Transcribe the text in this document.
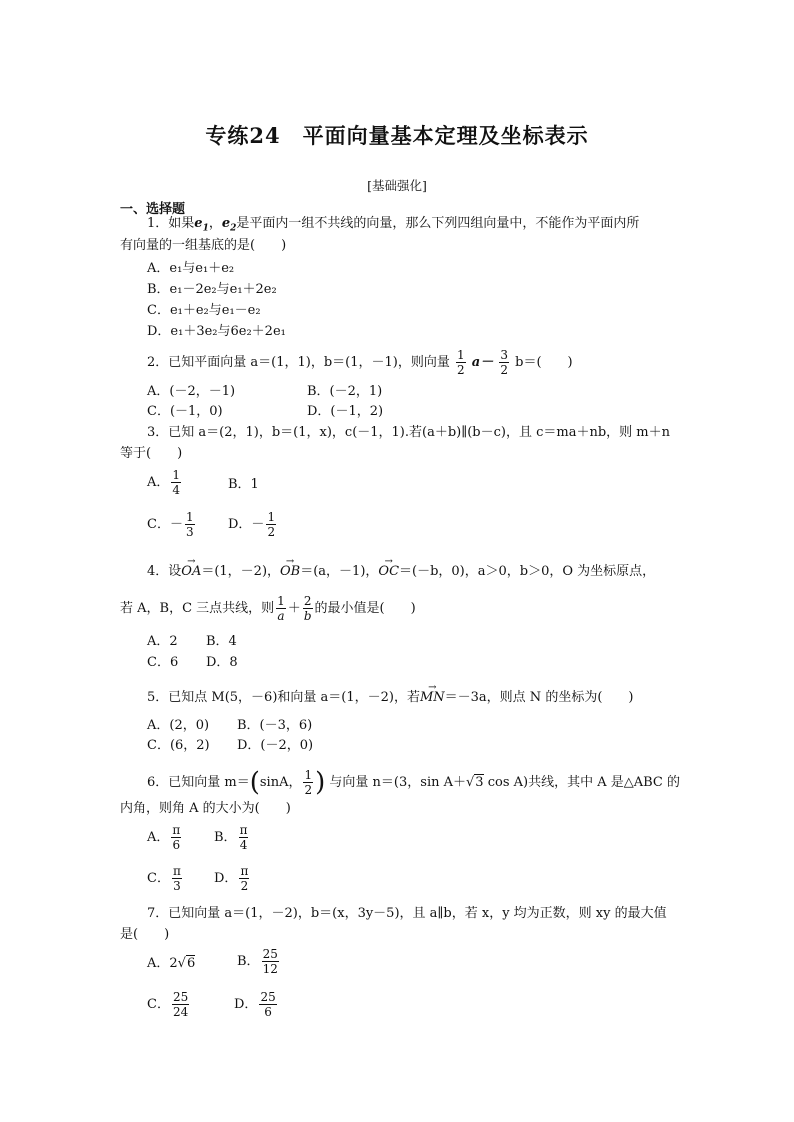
专练24　平面向量基本定理及坐标表示
[基础强化]
一、选择题
1．如果$e_1$，$e_2$是平面内一组不共线的向量，那么下列四组向量中，不能作为平面内所
有向量的一组基底的是(　　)
A．e₁与e₁＋e₂
B．e₁－2e₂与e₁＋2e₂
C．e₁＋e₂与e₁－e₂
D．e₁＋3e₂与6e₂＋2e₁
2．已知平面向量 a＝(1，1)，b＝(1，－1)，则向量 $\frac{1}{2} a- \frac{3}{2} b=$(　　)
A．(－2，－1)	B．(－2，1)
C．(－1，0)	D．(－1，2)
3．已知 a＝(2，1)，b＝(1，x)，c(－1，1).若(a＋b)∥(b－c)，且 c＝ma＋nb，则 m＋n
等于(　　)
A． $\frac{1}{4}$	B．1
C．－ $\frac{1}{3}$	D．－ $\frac{1}{2}$
4．设→ OA＝(1，－2)，→ OB＝(a，－1)，→ OC＝(－b，0)，a＞0，b＞0，O 为坐标原点，
若 A，B，C 三点共线，则 $\frac{1}{a} + \frac{2}{b}$ 的最小值是(　　)
A．2 B．4
C．6 D．8
5．已知点 M(5，－6)和向量 a＝(1，－2)，若→ MN＝－3a，则点 N 的坐标为(　　)
A．(2，0) B．(－3，6)
C．(6，2) D．(－2，0)
6．已知向量 m＝(sinA， $\frac{1}{2}$ ) 与向量 n＝(3，sin A＋√3 cos A)共线，其中 A 是△ABC 的
内角，则角 A 的大小为(　　)
A． $\frac{\pi}{6}$	B． $\frac{\pi}{4}$
C． $\frac{\pi}{3}$ D． $\frac{\pi}{2}$
7．已知向量 a＝(1，－2)，b＝(x，3y－5)，且 a∥b，若 x，y 均为正数，则 xy 的最大值
是(　　)
A．2√6	B． $\frac{25}{12}$
C． $\frac{25}{24}$	D． $\frac{25}{6}$
